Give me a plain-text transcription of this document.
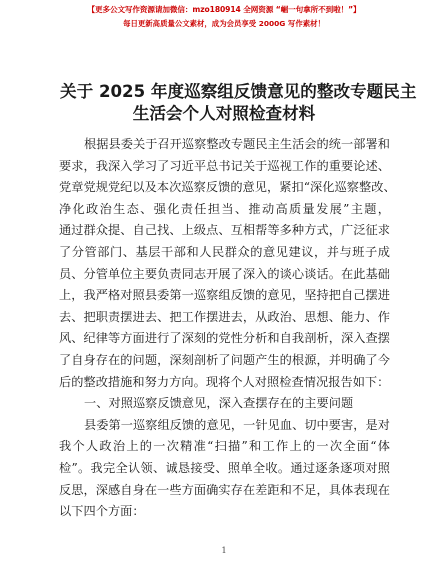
【更多公文写作资源请加微信：mzo180914 全网资源 “崛一句拿所不到啦！”】
每日更新高质量公文素材，成为会员享受 2000G 写作素材！
关于 2025 年度巡察组反馈意见的整改专题民主
生活会个人对照检查材料
根据县委关于召开巡察整改专题民主生活会的统一部署和
要求，我深入学习了习近平总书记关于巡视工作的重要论述、
党章党规党纪以及本次巡察反馈的意见，紧扣“深化巡察整改、
净化政治生态、强化责任担当、推动高质量发展”主题，
通过群众提、自己找、上级点、互相帮等多种方式，广泛征求
了分管部门、基层干部和人民群众的意见建议，并与班子成
员、分管单位主要负责同志开展了深入的谈心谈话。在此基础
上，我严格对照县委第一巡察组反馈的意见，坚持把自己摆进
去、把职责摆进去、把工作摆进去，从政治、思想、能力、作
风、纪律等方面进行了深刻的党性分析和自我剖析，深入查摆
了自身存在的问题，深刻剖析了问题产生的根源，并明确了今
后的整改措施和努力方向。现将个人对照检查情况报告如下：
一、对照巡察反馈意见，深入查摆存在的主要问题
县委第一巡察组反馈的意见，一针见血、切中要害，是对
我个人政治上的一次精准“扫描”和工作上的一次全面“体
检”。我完全认领、诚恳接受、照单全收。通过逐条逐项对照
反思，深感自身在一些方面确实存在差距和不足，具体表现在
以下四个方面：
1
